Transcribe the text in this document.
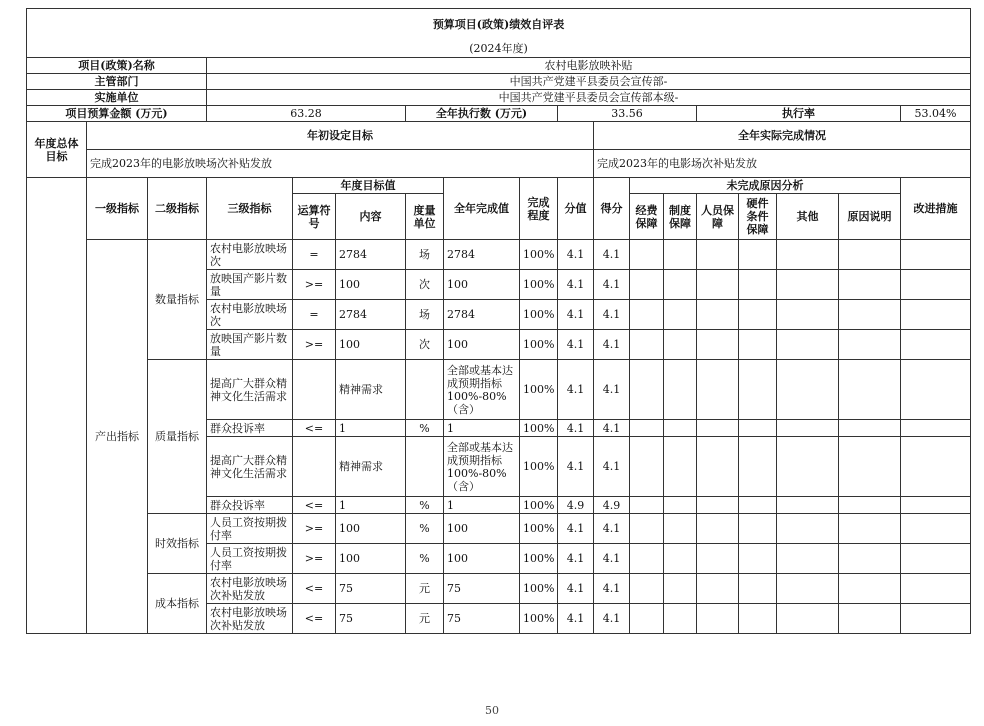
预算项目(政策)绩效自评表																	
(2024年度)																	
项目(政策)名称			农村电影放映补贴														
主管部门			中国共产党建平县委员会宣传部-														
实施单位			中国共产党建平县委员会宣传部本级-														
项目预算金额 (万元)			63.28			全年执行数 (万元)			33.56				执行率				53.04%
年度总体目标	年初设定目标									全年实际完成情况							
	完成2023年的电影放映场次补贴发放									完成2023年的电影场次补贴发放							
	一级指标	二级指标	三级指标	年度目标值			全年完成值	完成程度	分值	得分	未完成原因分析						改进措施
				运算符号	内容	度量单位					经费保障	制度保障	人员保障	硬件条件保障	其他	原因说明	
	产出指标	数量指标	农村电影放映场次	=	2784	场	2784	100%	4.1	4.1							
			放映国产影片数量	>=	100	次	100	100%	4.1	4.1							
			农村电影放映场次	=	2784	场	2784	100%	4.1	4.1							
			放映国产影片数量	>=	100	次	100	100%	4.1	4.1							
		质量指标	提高广大群众精神文化生活需求		精神需求		全部或基本达成预期指标100%-80%（含）	100%	4.1	4.1							
			群众投诉率	<=	1	%	1	100%	4.1	4.1							
			提高广大群众精神文化生活需求		精神需求		全部或基本达成预期指标100%-80%（含）	100%	4.1	4.1							
			群众投诉率	<=	1	%	1	100%	4.9	4.9							
		时效指标	人员工资按期拨付率	>=	100	%	100	100%	4.1	4.1							
			人员工资按期拨付率	>=	100	%	100	100%	4.1	4.1							
		成本指标	农村电影放映场次补贴发放	<=	75	元	75	100%	4.1	4.1							
			农村电影放映场次补贴发放	<=	75	元	75	100%	4.1	4.1							
50
